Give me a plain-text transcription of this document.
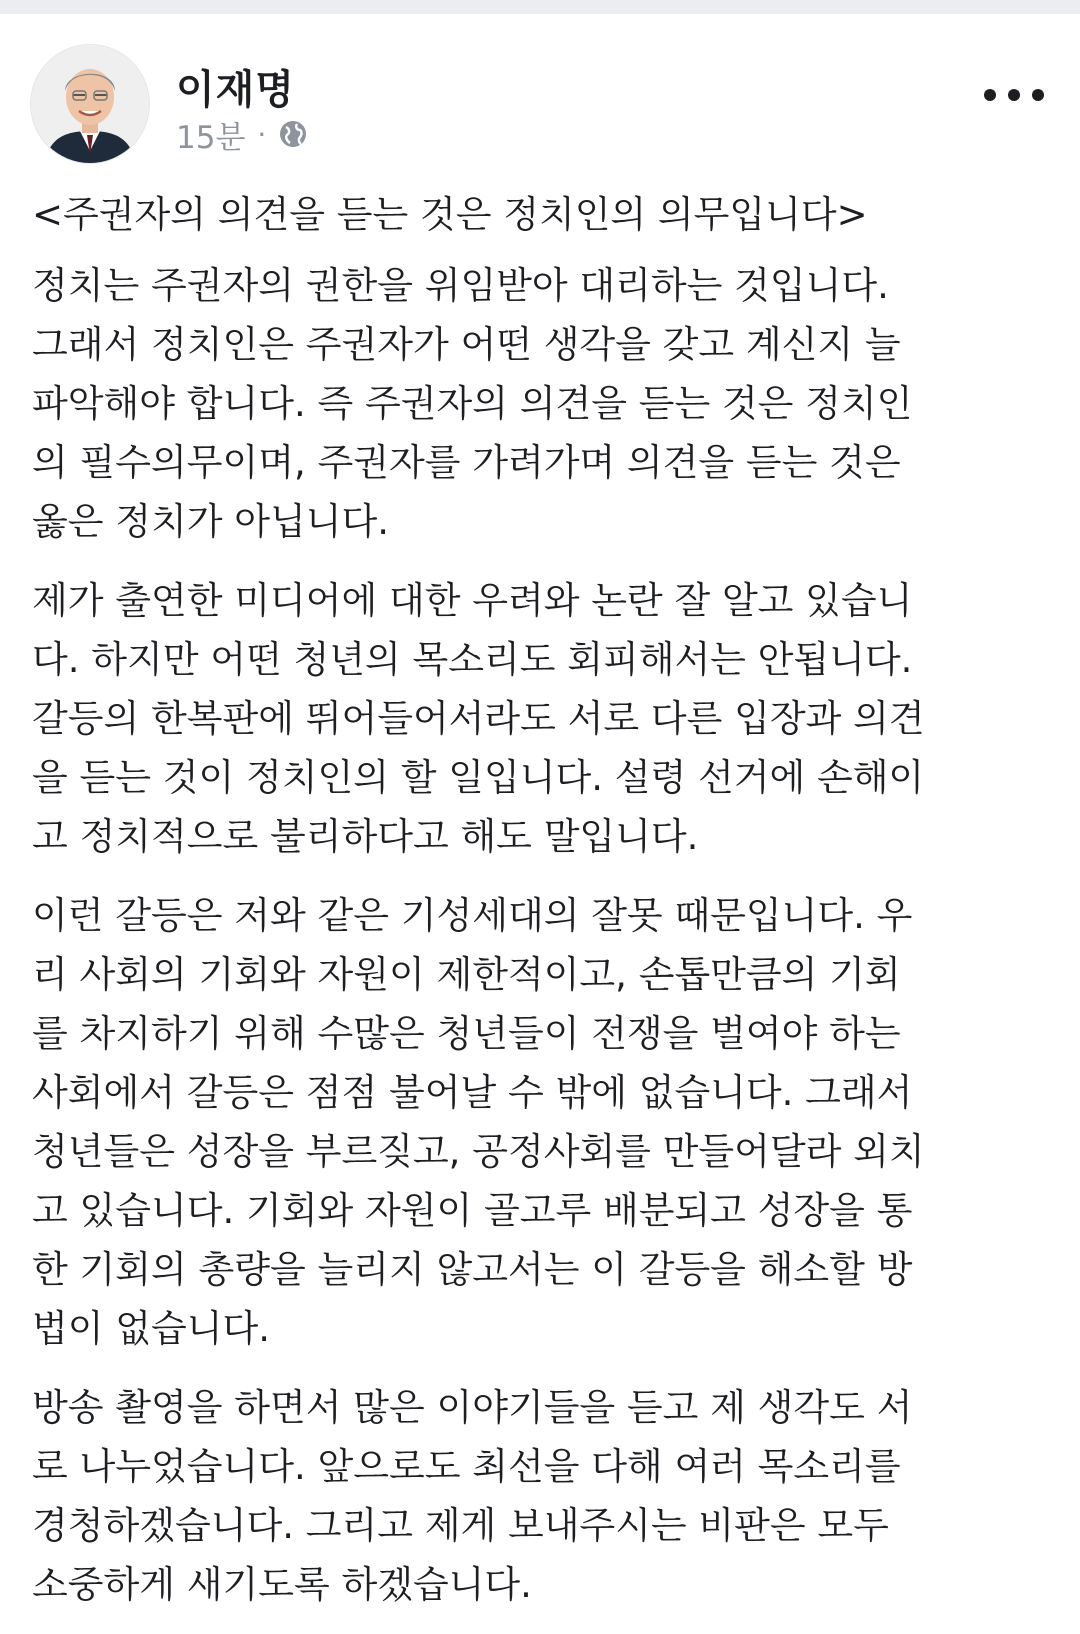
이재명
15분 ·
<주권자의 의견을 듣는 것은 정치인의 의무입니다>
정치는 주권자의 권한을 위임받아 대리하는 것입니다.
그래서 정치인은 주권자가 어떤 생각을 갖고 계신지 늘
파악해야 합니다. 즉 주권자의 의견을 듣는 것은 정치인
의 필수의무이며, 주권자를 가려가며 의견을 듣는 것은
옳은 정치가 아닙니다.
제가 출연한 미디어에 대한 우려와 논란 잘 알고 있습니
다. 하지만 어떤 청년의 목소리도 회피해서는 안됩니다.
갈등의 한복판에 뛰어들어서라도 서로 다른 입장과 의견
을 듣는 것이 정치인의 할 일입니다. 설령 선거에 손해이
고 정치적으로 불리하다고 해도 말입니다.
이런 갈등은 저와 같은 기성세대의 잘못 때문입니다. 우
리 사회의 기회와 자원이 제한적이고, 손톱만큼의 기회
를 차지하기 위해 수많은 청년들이 전쟁을 벌여야 하는
사회에서 갈등은 점점 불어날 수 밖에 없습니다. 그래서
청년들은 성장을 부르짖고, 공정사회를 만들어달라 외치
고 있습니다. 기회와 자원이 골고루 배분되고 성장을 통
한 기회의 총량을 늘리지 않고서는 이 갈등을 해소할 방
법이 없습니다.
방송 촬영을 하면서 많은 이야기들을 듣고 제 생각도 서
로 나누었습니다. 앞으로도 최선을 다해 여러 목소리를
경청하겠습니다. 그리고 제게 보내주시는 비판은 모두
소중하게 새기도록 하겠습니다.
